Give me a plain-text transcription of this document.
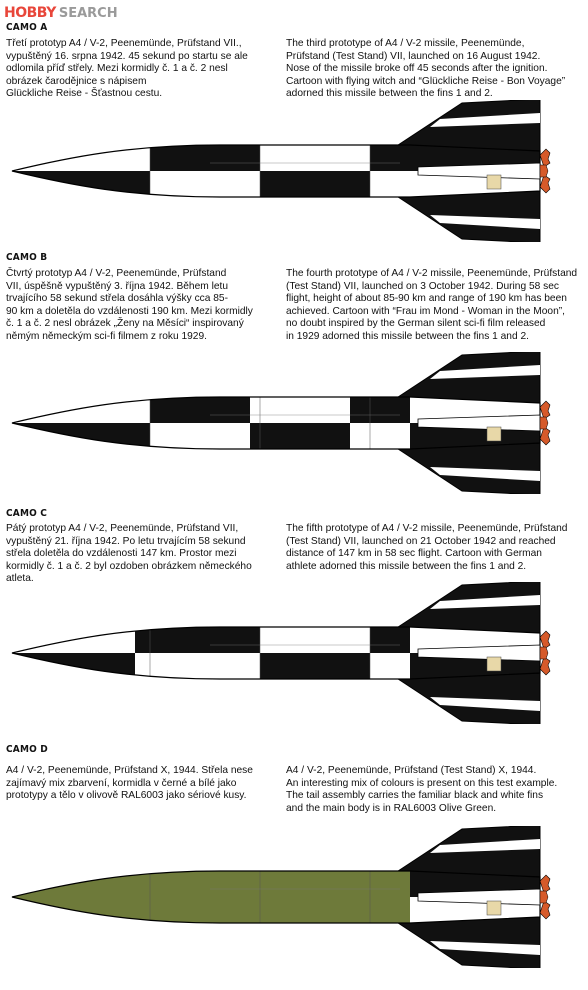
HOBBY SEARCH
CAMO A
Třetí prototyp A4 / V-2, Peenemünde, Prüfstand VII.,
vypuštěný 16. srpna 1942. 45 sekund po startu se ale
odlomila příď střely. Mezi kormidly č. 1 a č. 2 nesl
obrázek čarodějnice s nápisem
Glückliche Reise - Šťastnou cestu.
The third prototype of A4 / V-2 missile, Peenemünde,
Prüfstand (Test Stand) VII, launched on 16 August 1942.
Nose of the missile broke off 45 seconds after the ignition.
Cartoon with flying witch and “Glückliche Reise - Bon Voyage”
adorned this missile between the fins 1 and 2.
CAMO B
Čtvrtý prototyp A4 / V-2, Peenemünde, Prüfstand
VII, úspěšně vypuštěný 3. října 1942. Během letu
trvajícího 58 sekund střela dosáhla výšky cca 85-
90 km a doletěla do vzdálenosti 190 km. Mezi kormidly
č. 1 a č. 2 nesl obrázek „Ženy na Měsíci“ inspirovaný
němým německým sci-fi filmem z roku 1929.
The fourth prototype of A4 / V-2 missile, Peenemünde, Prüfstand
(Test Stand) VII, launched on 3 October 1942. During 58 sec
flight, height of about 85-90 km and range of 190 km has been
achieved. Cartoon with “Frau im Mond - Woman in the Moon”,
no doubt inspired by the German silent sci-fi film released
in 1929 adorned this missile between the fins 1 and 2.
CAMO C
Pátý prototyp A4 / V-2, Peenemünde, Prüfstand VII,
vypuštěný 21. října 1942. Po letu trvajícím 58 sekund
střela doletěla do vzdálenosti 147 km. Prostor mezi
kormidly č. 1 a č. 2 byl ozdoben obrázkem německého
atleta.
The fifth prototype of A4 / V-2 missile, Peenemünde, Prüfstand
(Test Stand) VII, launched on 21 October 1942 and reached
distance of 147 km in 58 sec flight. Cartoon with German
athlete adorned this missile between the fins 1 and 2.
CAMO D
A4 / V-2, Peenemünde, Prüfstand X, 1944. Střela nese
zajímavý mix zbarvení, kormidla v černé a bílé jako
prototypy a tělo v olivově RAL6003 jako sériové kusy.
A4 / V-2, Peenemünde, Prüfstand (Test Stand) X, 1944.
An interesting mix of colours is present on this test example.
The tail assembly carries the familiar black and white fins
and the main body is in RAL6003 Olive Green.
